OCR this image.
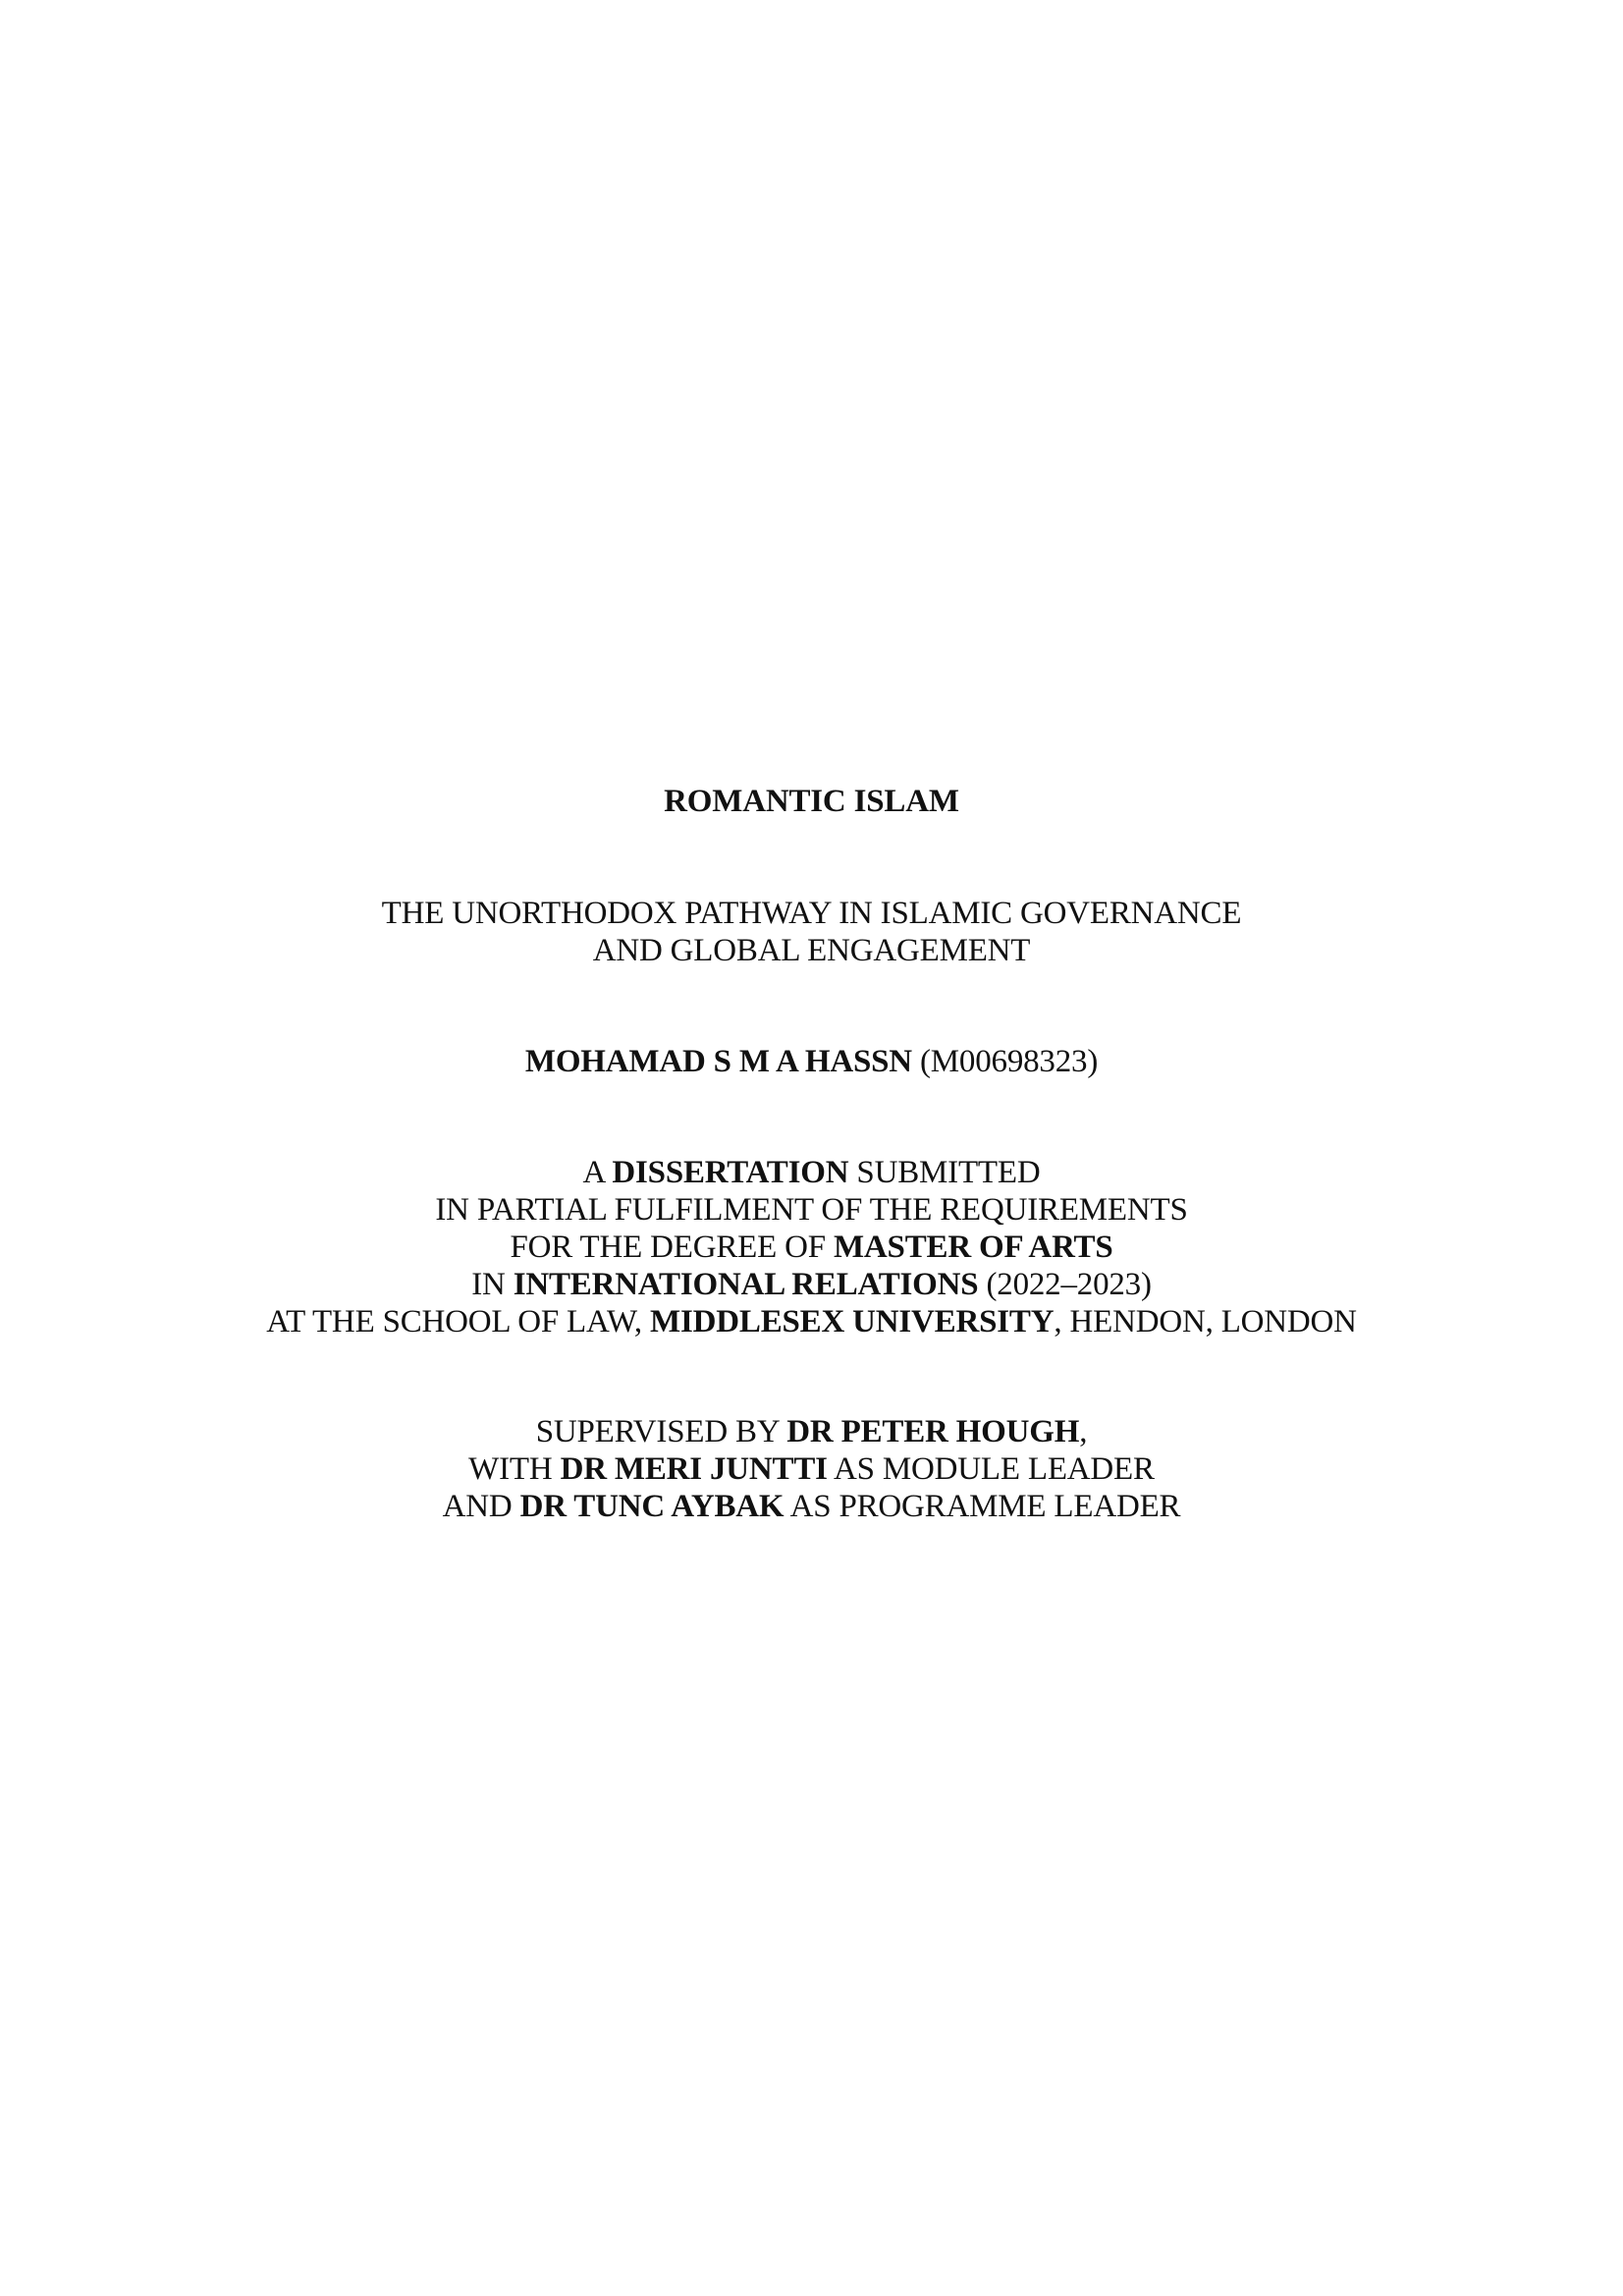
ROMANTIC ISLAM
THE UNORTHODOX PATHWAY IN ISLAMIC GOVERNANCE
AND GLOBAL ENGAGEMENT
MOHAMAD S M A HASSN (M00698323)
A DISSERTATION SUBMITTED
IN PARTIAL FULFILMENT OF THE REQUIREMENTS
FOR THE DEGREE OF MASTER OF ARTS
IN INTERNATIONAL RELATIONS (2022–2023)
AT THE SCHOOL OF LAW, MIDDLESEX UNIVERSITY, HENDON, LONDON
SUPERVISED BY DR PETER HOUGH,
WITH DR MERI JUNTTI AS MODULE LEADER
AND DR TUNC AYBAK AS PROGRAMME LEADER
